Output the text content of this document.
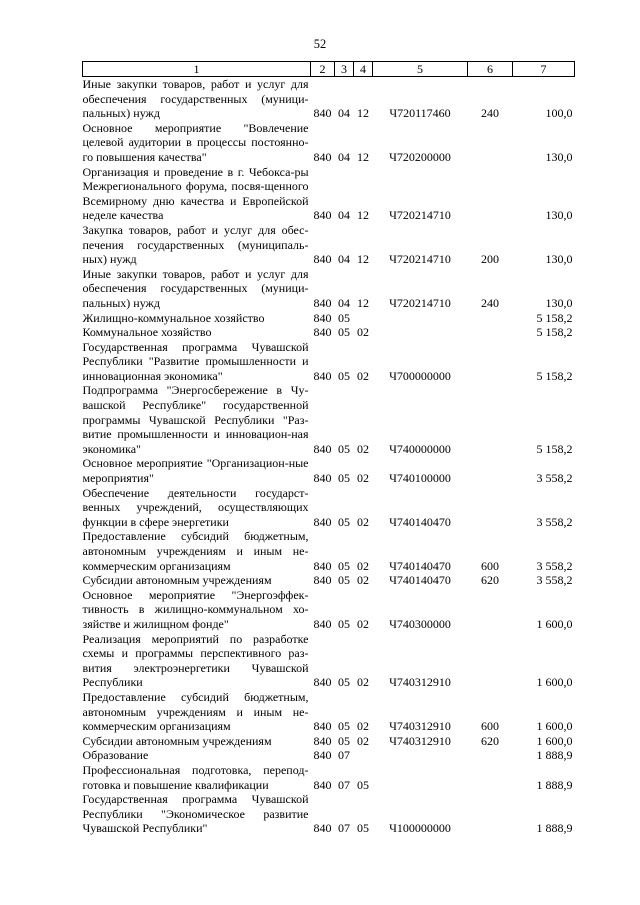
52
1	2	3	4	5	6	7
Иные закупки товаров, работ и услуг для обеспечения государственных (муници-пальных) нужд	840	04	12	Ч720117460	240	100,0
Основное мероприятие "Вовлечение целевой аудитории в процессы постоянно-го повышения качества"	840	04	12	Ч720200000		130,0
Организация и проведение в г. Чебокса-ры Межрегионального форума, посвя-щенного Всемирному дню качества и Европейской неделе качества	840	04	12	Ч720214710		130,0
Закупка товаров, работ и услуг для обес-печения государственных (муниципаль-ных) нужд	840	04	12	Ч720214710	200	130,0
Иные закупки товаров, работ и услуг для обеспечения государственных (муници-пальных) нужд	840	04	12	Ч720214710	240	130,0
Жилищно-коммунальное хозяйство	840	05				5 158,2
Коммунальное хозяйство	840	05	02			5 158,2
Государственная программа Чувашской Республики "Развитие промышленности и инновационная экономика"	840	05	02	Ч700000000		5 158,2
Подпрограмма "Энергосбережение в Чу-вашской Республике" государственной программы Чувашской Республики "Раз-витие промышленности и инновацион-ная экономика"	840	05	02	Ч740000000		5 158,2
Основное мероприятие "Организацион-ные мероприятия"	840	05	02	Ч740100000		3 558,2
Обеспечение деятельности государст-венных учреждений, осуществляющих функции в сфере энергетики	840	05	02	Ч740140470		3 558,2
Предоставление субсидий бюджетным, автономным учреждениям и иным не-коммерческим организациям	840	05	02	Ч740140470	600	3 558,2
Субсидии автономным учреждениям	840	05	02	Ч740140470	620	3 558,2
Основное мероприятие "Энергоэффек-тивность в жилищно-коммунальном хо-зяйстве и жилищном фонде"	840	05	02	Ч740300000		1 600,0
Реализация мероприятий по разработке схемы и программы перспективного раз-вития электроэнергетики Чувашской Республики	840	05	02	Ч740312910		1 600,0
Предоставление субсидий бюджетным, автономным учреждениям и иным не-коммерческим организациям	840	05	02	Ч740312910	600	1 600,0
Субсидии автономным учреждениям	840	05	02	Ч740312910	620	1 600,0
Образование	840	07				1 888,9
Профессиональная подготовка, перепод-готовка и повышение квалификации	840	07	05			1 888,9
Государственная программа Чувашской Республики "Экономическое развитие Чувашской Республики"	840	07	05	Ч100000000		1 888,9
